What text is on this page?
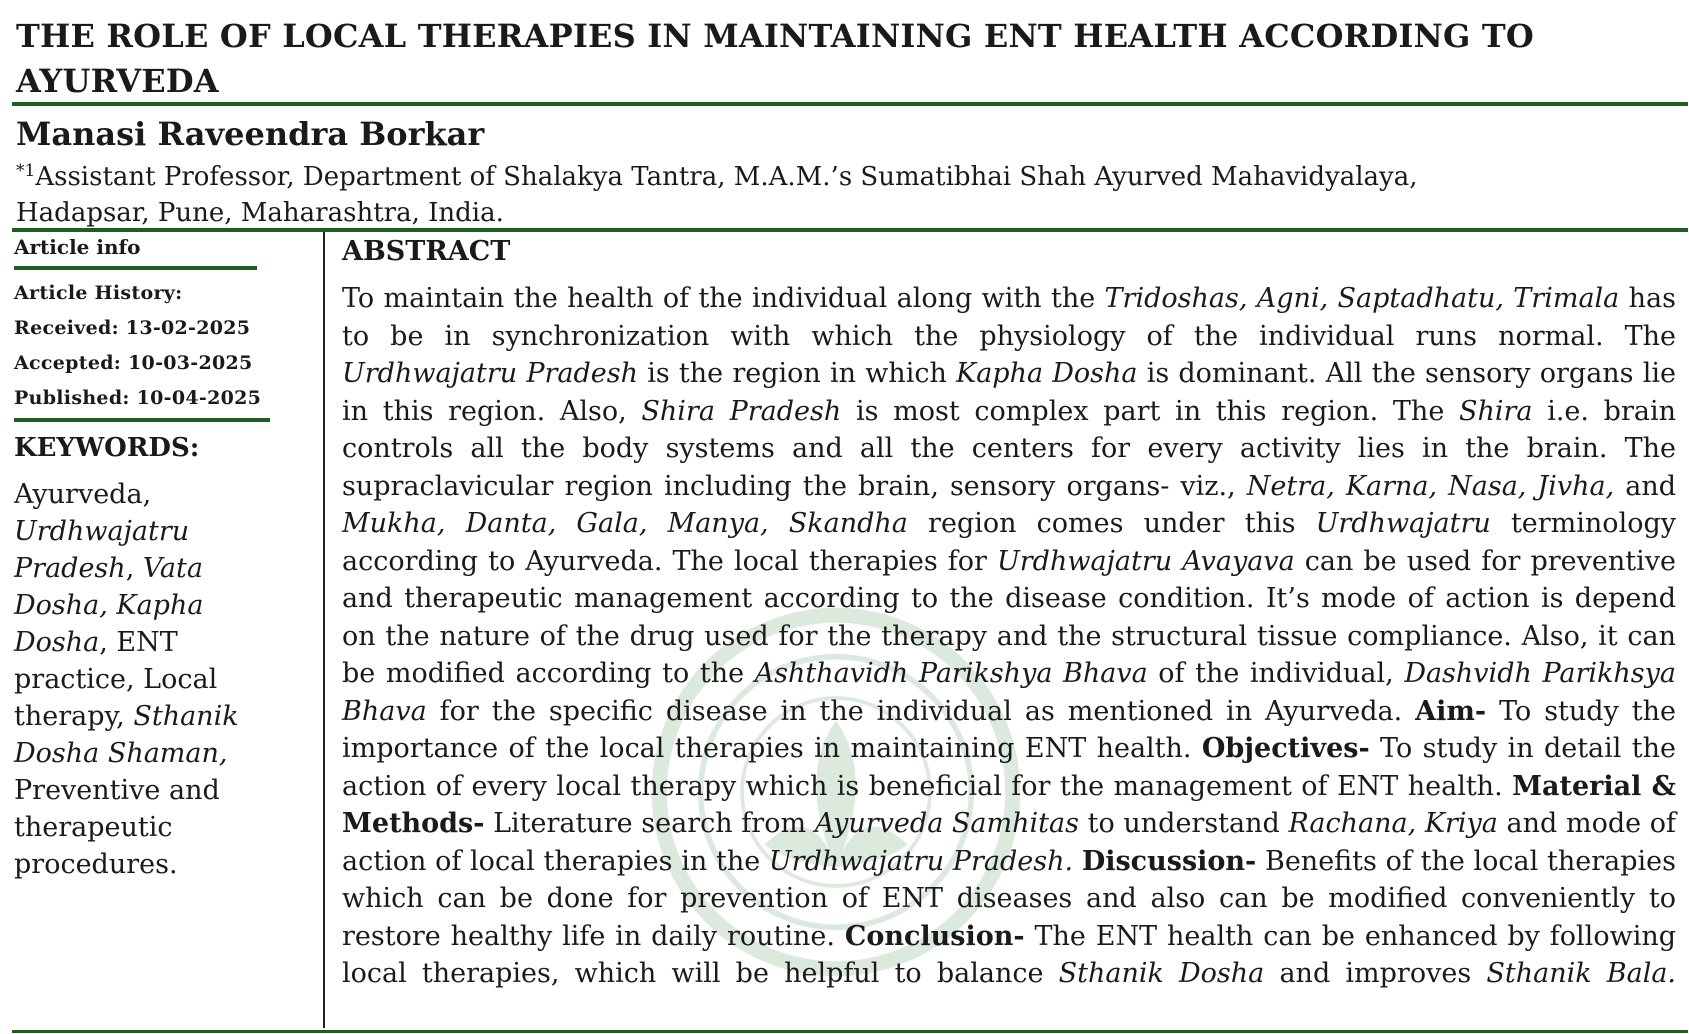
THE ROLE OF LOCAL THERAPIES IN MAINTAINING ENT HEALTH ACCORDING TO
AYURVEDA
Manasi Raveendra Borkar
$^{*1}$Assistant Professor, Department of Shalakya Tantra, M.A.M.’s Sumatibhai Shah Ayurved Mahavidyalaya,
Hadapsar, Pune, Maharashtra, India.
Article info
Article History:
Received: 13-02-2025
Accepted: 10-03-2025
Published: 10-04-2025
KEYWORDS:
Ayurveda,
Urdhwajatru
Pradesh, Vata
Dosha, Kapha
Dosha, ENT
practice, Local
therapy, Sthanik
Dosha Shaman,
Preventive and
therapeutic
procedures.
ABSTRACT

To maintain the health of the individual along with the Tridoshas, Agni, Saptadhatu, Trimala has to be in synchronization with which the physiology of the individual runs normal. The Urdhwajatru Pradesh is the region in which Kapha Dosha is dominant. All the sensory organs lie in this region. Also, Shira Pradesh is most complex part in this region. The Shira i.e. brain controls all the body systems and all the centers for every activity lies in the brain. The supraclavicular region including the brain, sensory organs- viz., Netra, Karna, Nasa, Jivha, and Mukha, Danta, Gala, Manya, Skandha region comes under this Urdhwajatru terminology according to Ayurveda. The local therapies for Urdhwajatru Avayava can be used for preventive and therapeutic management according to the disease condition. It’s mode of action is depend on the nature of the drug used for the therapy and the structural tissue compliance. Also, it can be modified according to the Ashthavidh Parikshya Bhava of the individual, Dashvidh Parikhsya Bhava for the specific disease in the individual as mentioned in Ayurveda. Aim- To study the importance of the local therapies in maintaining ENT health. Objectives- To study in detail the action of every local therapy which is beneficial for the management of ENT health. Material & Methods- Literature search from Ayurveda Samhitas to understand Rachana, Kriya and mode of action of local therapies in the Urdhwajatru Pradesh. Discussion- Benefits of the local therapies which can be done for prevention of ENT diseases and also can be modified conveniently to restore healthy life in daily routine. Conclusion- The ENT health can be enhanced by following local therapies, which will be helpful to balance Sthanik Dosha and improves Sthanik Bala.
